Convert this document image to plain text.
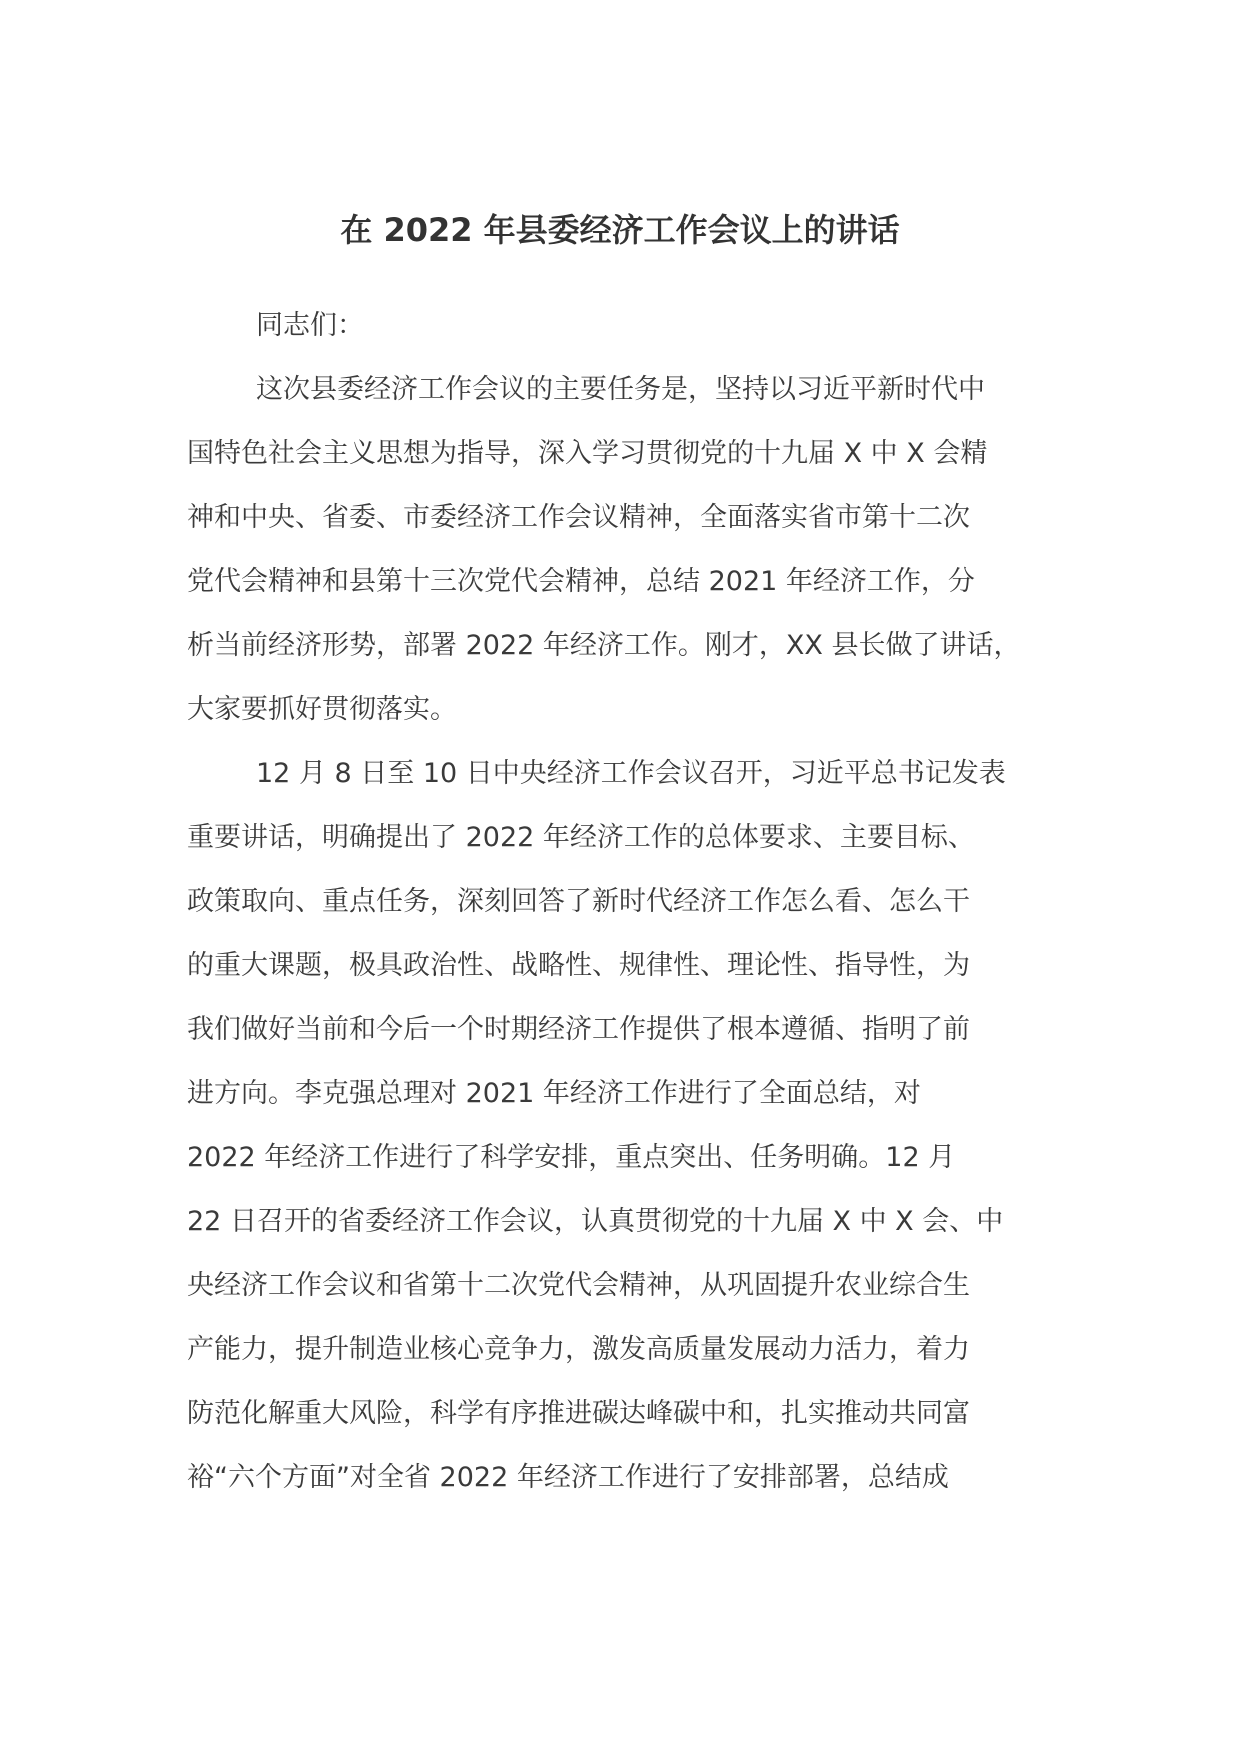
在 2022 年县委经济工作会议上的讲话

同志们：

这次县委经济工作会议的主要任务是，坚持以习近平新时代中

国特色社会主义思想为指导，深入学习贯彻党的十九届 X 中 X 会精

神和中央、省委、市委经济工作会议精神，全面落实省市第十二次

党代会精神和县第十三次党代会精神，总结 2021 年经济工作，分

析当前经济形势，部署 2022 年经济工作。刚才，XX 县长做了讲话，

大家要抓好贯彻落实。

12 月 8 日至 10 日中央经济工作会议召开，习近平总书记发表

重要讲话，明确提出了 2022 年经济工作的总体要求、主要目标、

政策取向、重点任务，深刻回答了新时代经济工作怎么看、怎么干

的重大课题，极具政治性、战略性、规律性、理论性、指导性，为

我们做好当前和今后一个时期经济工作提供了根本遵循、指明了前

进方向。李克强总理对 2021 年经济工作进行了全面总结，对

2022 年经济工作进行了科学安排，重点突出、任务明确。12 月

22 日召开的省委经济工作会议，认真贯彻党的十九届 X 中 X 会、中

央经济工作会议和省第十二次党代会精神，从巩固提升农业综合生

产能力，提升制造业核心竞争力，激发高质量发展动力活力，着力

防范化解重大风险，科学有序推进碳达峰碳中和，扎实推动共同富

裕“六个方面”对全省 2022 年经济工作进行了安排部署，总结成
